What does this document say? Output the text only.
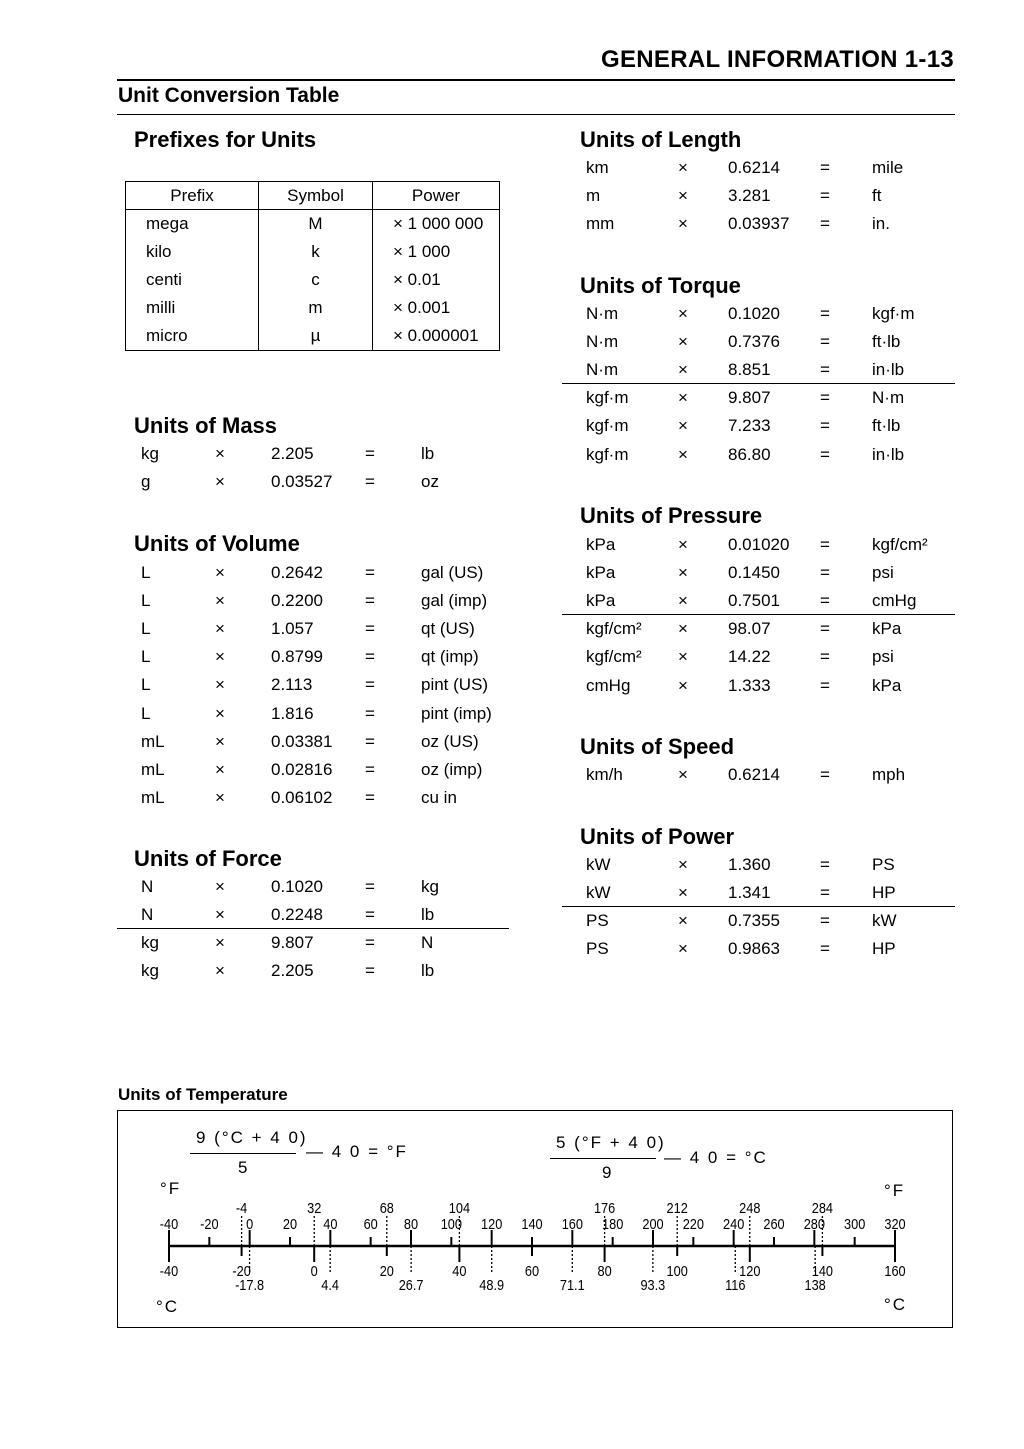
GENERAL INFORMATION 1-13
Unit Conversion Table
Prefixes for Units
Prefix	Symbol	Power
mega	M	× 1 000 000
kilo	k	× 1 000
centi	c	× 0.01
milli	m	× 0.001
micro	µ	× 0.000001
Units of Mass
kg	×	2.205	=	lb
g	×	0.03527 =	oz
Units of Volume
L	×	0.2642 =	gal (US)
L	×	0.2200 =	gal (imp)
L	×	1.057	=	qt (US)
L	×	0.8799 =	qt (imp)
L	×	2.113	=	pint (US)
L	×	1.816	=	pint (imp)
mL	×	0.03381 =	oz (US)
mL	×	0.02816 =	oz (imp)
mL	×	0.06102 =	cu in
Units of Force
N	×	0.1020 =	kg
N	×	0.2248 =	lb
kg	×	9.807	=	N
kg	×	2.205	=	lb
Units of Length
km	× 0.6214 = mile
m	× 3.281	= ft
mm	× 0.03937 = in.
Units of Torque
N·m	× 0.1020 = kgf·m
N·m	× 0.7376 = ft·lb
N·m	× 8.851	= in·lb
kgf·m	× 9.807	= N·m
kgf·m	× 7.233	= ft·lb
kgf·m	× 86.80	= in·lb
Units of Pressure
kPa	× 0.01020 = kgf/cm²
kPa	× 0.1450 = psi
kPa	× 0.7501 = cmHg
kgf/cm² × 98.07	= kPa
kgf/cm² × 14.22	= psi
cmHg	× 1.333	= kPa
Units of Speed
km/h	× 0.6214 = mph
Units of Power
kW	× 1.360	= PS
kW	× 1.341	= HP
PS	× 0.7355 = kW
PS	× 0.9863 = HP
Units of Temperature
9 (°C + 4 0)
5
— 4 0 = °F	5 (°F + 4 0)
9
— 4 0 = °C
°F	°F
°C	°C
-40 -20 0 20 40 60 80 100 120 140 160 180 200 220 240 260 280 300 320
-4	32	68	104	176	212	248	284
-40	-20	0	20	40	60	80	100	120	140	160
-17.8	4.4	26.7	48.9	71.1	93.3	116	138
